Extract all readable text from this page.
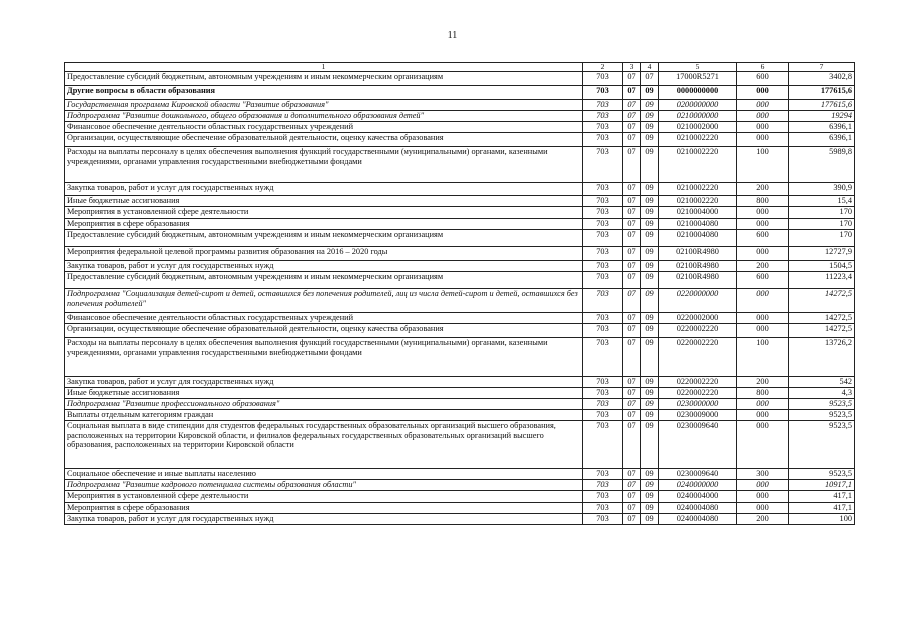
11
1	2	3	4	5	6	7
Предоставление субсидий бюджетным, автономным учреждениям и иным некоммерческим организациям	703	07	07	17000R5271	600	3402,8
Другие вопросы в области образования	703	07	09	0000000000	000	177615,6
Государственная программа Кировской области "Развитие образования"	703	07	09	0200000000	000	177615,6
Подпрограмма "Развитие дошкольного, общего образования и дополнительного образования детей"	703	07	09	0210000000	000	19294
Финансовое обеспечение деятельности областных государственных учреждений	703	07	09	0210002000	000	6396,1
Организации, осуществляющие обеспечение образовательной деятельности, оценку качества образования	703	07	09	0210002220	000	6396,1
Расходы на выплаты персоналу в целях обеспечения выполнения функций государственными (муниципальными) органами, казенными учреждениями, органами управления государственными внебюджетными фондами	703	07	09	0210002220	100	5989,8
Закупка товаров, работ и услуг для государственных нужд	703	07	09	0210002220	200	390,9
Иные бюджетные ассигнования	703	07	09	0210002220	800	15,4
Мероприятия в установленной сфере деятельности	703	07	09	0210004000	000	170
Мероприятия в сфере образования	703	07	09	0210004080	000	170
Предоставление субсидий бюджетным, автономным учреждениям и иным некоммерческим организациям	703	07	09	0210004080	600	170
Мероприятия федеральной целевой программы развития образования на 2016 – 2020 годы	703	07	09	02100R4980	000	12727,9
Закупка товаров, работ и услуг для государственных нужд	703	07	09	02100R4980	200	1504,5
Предоставление субсидий бюджетным, автономным учреждениям и иным некоммерческим организациям	703	07	09	02100R4980	600	11223,4
Подпрограмма "Социализация детей-сирот и детей, оставшихся без попечения родителей, лиц из числа детей-сирот и детей, оставшихся без попечения родителей"	703	07	09	0220000000	000	14272,5
Финансовое обеспечение деятельности областных государственных учреждений	703	07	09	0220002000	000	14272,5
Организации, осуществляющие обеспечение образовательной деятельности, оценку качества образования	703	07	09	0220002220	000	14272,5
Расходы на выплаты персоналу в целях обеспечения выполнения функций государственными (муниципальными) органами, казенными учреждениями, органами управления государственными внебюджетными фондами	703	07	09	0220002220	100	13726,2
Закупка товаров, работ и услуг для государственных нужд	703	07	09	0220002220	200	542
Иные бюджетные ассигнования	703	07	09	0220002220	800	4,3
Подпрограмма "Развитие профессионального образования"	703	07	09	0230000000	000	9523,5
Выплаты отдельным категориям граждан	703	07	09	0230009000	000	9523,5
Социальная выплата в виде стипендии для студентов федеральных государственных образовательных организаций высшего образования, расположенных на территории Кировской области, и филиалов федеральных государственных образовательных организаций высшего образования, расположенных на территории Кировской области	703	07	09	0230009640	000	9523,5
Социальное обеспечение и иные выплаты населению	703	07	09	0230009640	300	9523,5
Подпрограмма "Развитие кадрового потенциала системы образования области"	703	07	09	0240000000	000	10917,1
Мероприятия в установленной сфере деятельности	703	07	09	0240004000	000	417,1
Мероприятия в сфере образования	703	07	09	0240004080	000	417,1
Закупка товаров, работ и услуг для государственных нужд	703	07	09	0240004080	200	100
